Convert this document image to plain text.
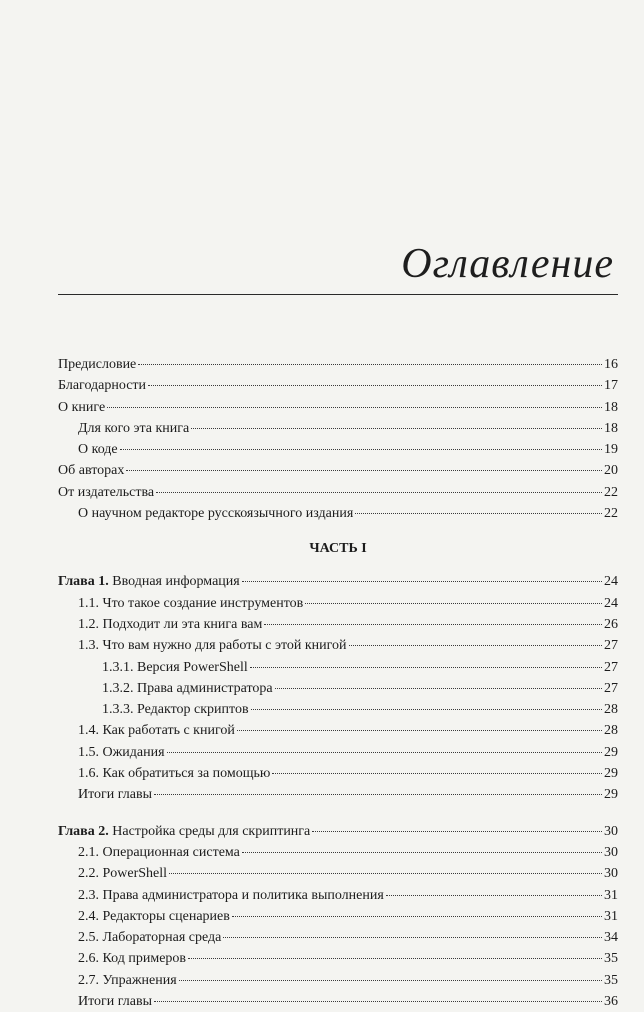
Оглавление
Предисловие	16
Благодарности	17
О книге	18
Для кого эта книга	18
О коде	19
Об авторах	20
От издательства	22
О научном редакторе русскоязычного издания	22
ЧАСТЬ I
Глава 1. Вводная информация	24
1.1. Что такое создание инструментов	24
1.2. Подходит ли эта книга вам	26
1.3. Что вам нужно для работы с этой книгой	27
1.3.1. Версия PowerShell	27
1.3.2. Права администратора	27
1.3.3. Редактор скриптов	28
1.4. Как работать с книгой	28
1.5. Ожидания	29
1.6. Как обратиться за помощью	29
Итоги главы	29
Глава 2. Настройка среды для скриптинга	30
2.1. Операционная система	30
2.2. PowerShell	30
2.3. Права администратора и политика выполнения	31
2.4. Редакторы сценариев	31
2.5. Лабораторная среда	34
2.6. Код примеров	35
2.7. Упражнения	35
Итоги главы	36
